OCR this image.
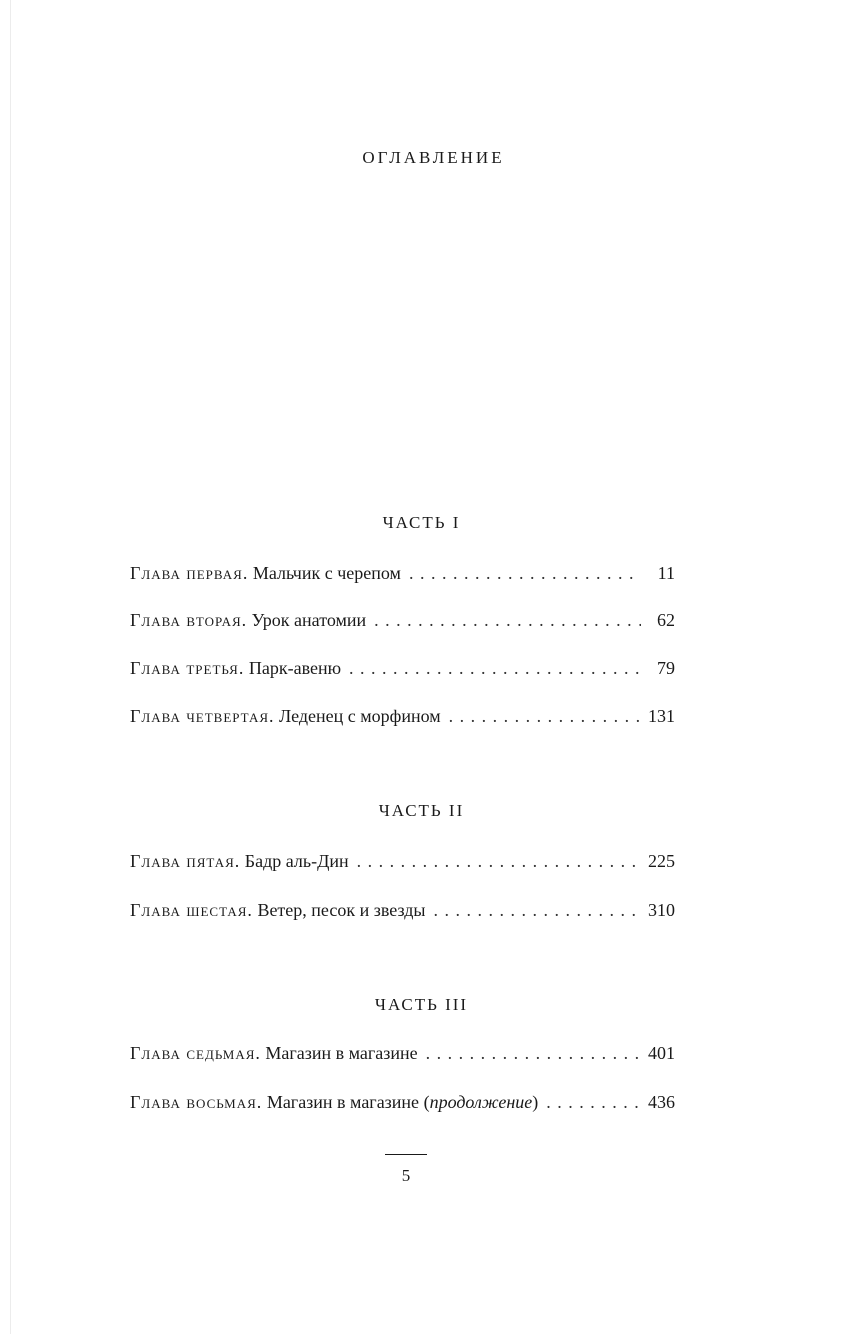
ОГЛАВЛЕНИЕ
ЧАСТЬ I
Глава первая. Мальчик с черепом . . .	11
Глава вторая. Урок анатомии . . .	62
Глава третья. Парк-авеню . . .	79
Глава четвертая. Леденец с морфином . . .	131
ЧАСТЬ II
Глава пятая. Бадр аль-Дин . . .	225
Глава шестая. Ветер, песок и звезды . . .	310
ЧАСТЬ III
Глава седьмая. Магазин в магазине . . .	401
Глава восьмая. Магазин в магазине (продолжение) . . .	436
5
